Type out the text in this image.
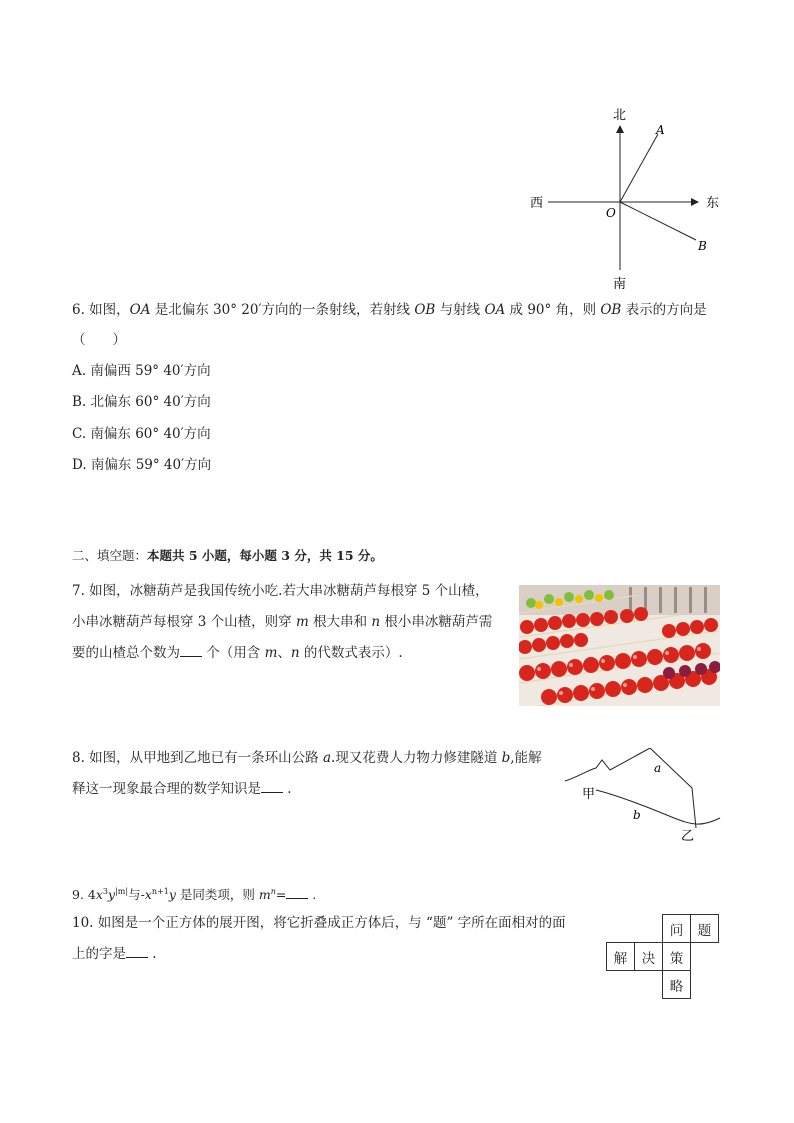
北
南
西	东
O
A
B
6. 如图，OA 是北偏东 30° 20′方向的一条射线，若射线 OB 与射线 OA 成 90° 角，则 OB 表示的方向是
（　　）
A. 南偏西 59° 40′方向
B. 北偏东 60° 40′方向
C. 南偏东 60° 40′方向
D. 南偏东 59° 40′方向
二、填空题：本题共 5 小题，每小题 3 分，共 15 分。
7. 如图，冰糖葫芦是我国传统小吃.若大串冰糖葫芦每根穿 5 个山楂，
小串冰糖葫芦每根穿 3 个山楂，则穿 m 根大串和 n 根小串冰糖葫芦需
要的山楂总个数为 个（用含 m、n 的代数式表示）.
8. 如图，从甲地到乙地已有一条环山公路 a.现又花费人力物力修建隧道 b,能解
释这一现象最合理的数学知识是 .
a
b
甲
乙
9. $4x^3y^{|m|}$与$-x^{n+1}y$ 是同类项，则 $m^n=$ .
10. 如图是一个正方体的展开图，将它折叠成正方体后，与 “题” 字所在面相对的面
上的字是 .
问	题
解	决	策
略
